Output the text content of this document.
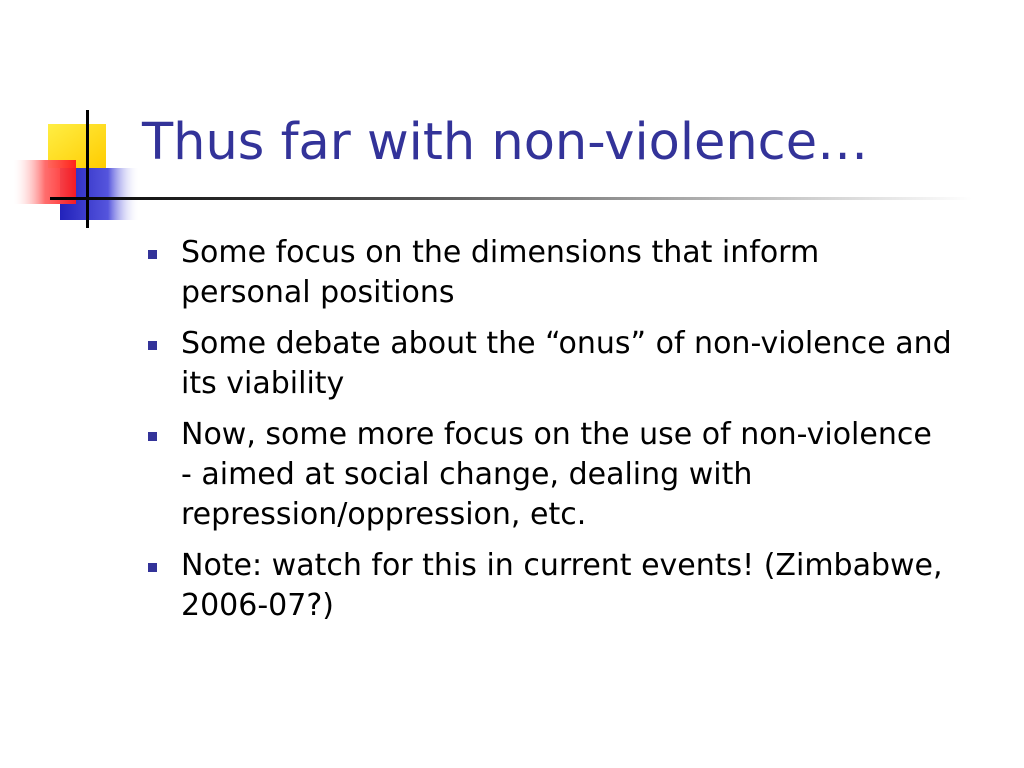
Thus far with non-violence…
Some focus on the dimensions that inform personal positions
Some debate about the “onus” of non-violence and its viability
Now, some more focus on the use of non-violence - aimed at social change, dealing with repression/oppression, etc.
Note: watch for this in current events! (Zimbabwe, 2006-07?)
